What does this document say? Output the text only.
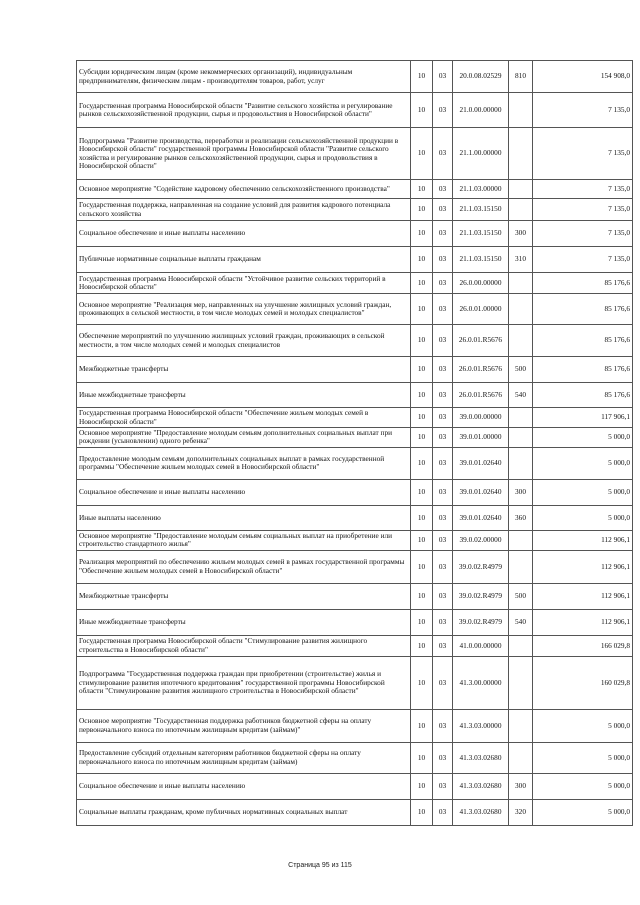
Субсидии юридическим лицам (кроме некоммерческих организаций), индивидуальным предпринимателям, физическим лицам - производителям товаров, работ, услуг	10	03	20.0.08.02529	810	154 908,0
Государственная программа Новосибирской области "Развитие сельского хозяйства и регулирование рынков сельскохозяйственной продукции, сырья и продовольствия в Новосибирской области"	10	03	21.0.00.00000		7 135,0
Подпрограмма "Развитие производства, переработки и реализации сельскохозяйственной продукции в Новосибирской области" государственной программы Новосибирской области "Развитие сельского хозяйства и регулирование рынков сельскохозяйственной продукции, сырья и продовольствия в Новосибирской области"	10	03	21.1.00.00000		7 135,0
Основное мероприятие "Содействие кадровому обеспечению сельскохозяйственного производства"	10	03	21.1.03.00000		7 135,0
Государственная поддержка, направленная на создание условий для развития кадрового потенциала сельского хозяйства	10	03	21.1.03.15150		7 135,0
Социальное обеспечение и иные выплаты населению	10	03	21.1.03.15150	300	7 135,0
Публичные нормативные социальные выплаты гражданам	10	03	21.1.03.15150	310	7 135,0
Государственная программа Новосибирской области "Устойчивое развитие сельских территорий в Новосибирской области"	10	03	26.0.00.00000		85 176,6
Основное мероприятие "Реализация мер, направленных на улучшение жилищных условий граждан, проживающих в сельской местности, в том числе молодых семей и молодых специалистов"	10	03	26.0.01.00000		85 176,6
Обеспечение мероприятий по улучшению жилищных условий граждан, проживающих в сельской местности, в том числе молодых семей и молодых специалистов	10	03	26.0.01.R5676		85 176,6
Межбюджетные трансферты	10	03	26.0.01.R5676	500	85 176,6
Иные межбюджетные трансферты	10	03	26.0.01.R5676	540	85 176,6
Государственная программа Новосибирской области "Обеспечение жильем молодых семей в Новосибирской области"	10	03	39.0.00.00000		117 906,1
Основное мероприятие "Предоставление молодым семьям дополнительных социальных выплат при рождении (усыновлении) одного ребенка"	10	03	39.0.01.00000		5 000,0
Предоставление молодым семьям дополнительных социальных выплат в рамках государственной программы "Обеспечение жильем молодых семей в Новосибирской области"	10	03	39.0.01.02640		5 000,0
Социальное обеспечение и иные выплаты населению	10	03	39.0.01.02640	300	5 000,0
Иные выплаты населению	10	03	39.0.01.02640	360	5 000,0
Основное мероприятие "Предоставление молодым семьям социальных выплат на приобретение или строительство стандартного жилья"	10	03	39.0.02.00000		112 906,1
Реализация мероприятий по обеспечению жильем молодых семей в рамках государственной программы "Обеспечение жильем молодых семей в Новосибирской области"	10	03	39.0.02.R4979		112 906,1
Межбюджетные трансферты	10	03	39.0.02.R4979	500	112 906,1
Иные межбюджетные трансферты	10	03	39.0.02.R4979	540	112 906,1
Государственная программа Новосибирской области "Стимулирование развития жилищного строительства в Новосибирской области"	10	03	41.0.00.00000		166 029,8
Подпрограмма "Государственная поддержка граждан при приобретении (строительстве) жилья и стимулирование развития ипотечного кредитования" государственной программы Новосибирской области "Стимулирование развития жилищного строительства в Новосибирской области"	10	03	41.3.00.00000		160 029,8
Основное мероприятие "Государственная поддержка работников бюджетной сферы на оплату первоначального взноса по ипотечным жилищным кредитам (займам)"	10	03	41.3.03.00000		5 000,0
Предоставление субсидий отдельным категориям работников бюджетной сферы на оплату первоначального взноса по ипотечным жилищным кредитам (займам)	10	03	41.3.03.02680		5 000,0
Социальное обеспечение и иные выплаты населению	10	03	41.3.03.02680	300	5 000,0
Социальные выплаты гражданам, кроме публичных нормативных социальных выплат	10	03	41.3.03.02680	320	5 000,0
Страница 95 из 115
